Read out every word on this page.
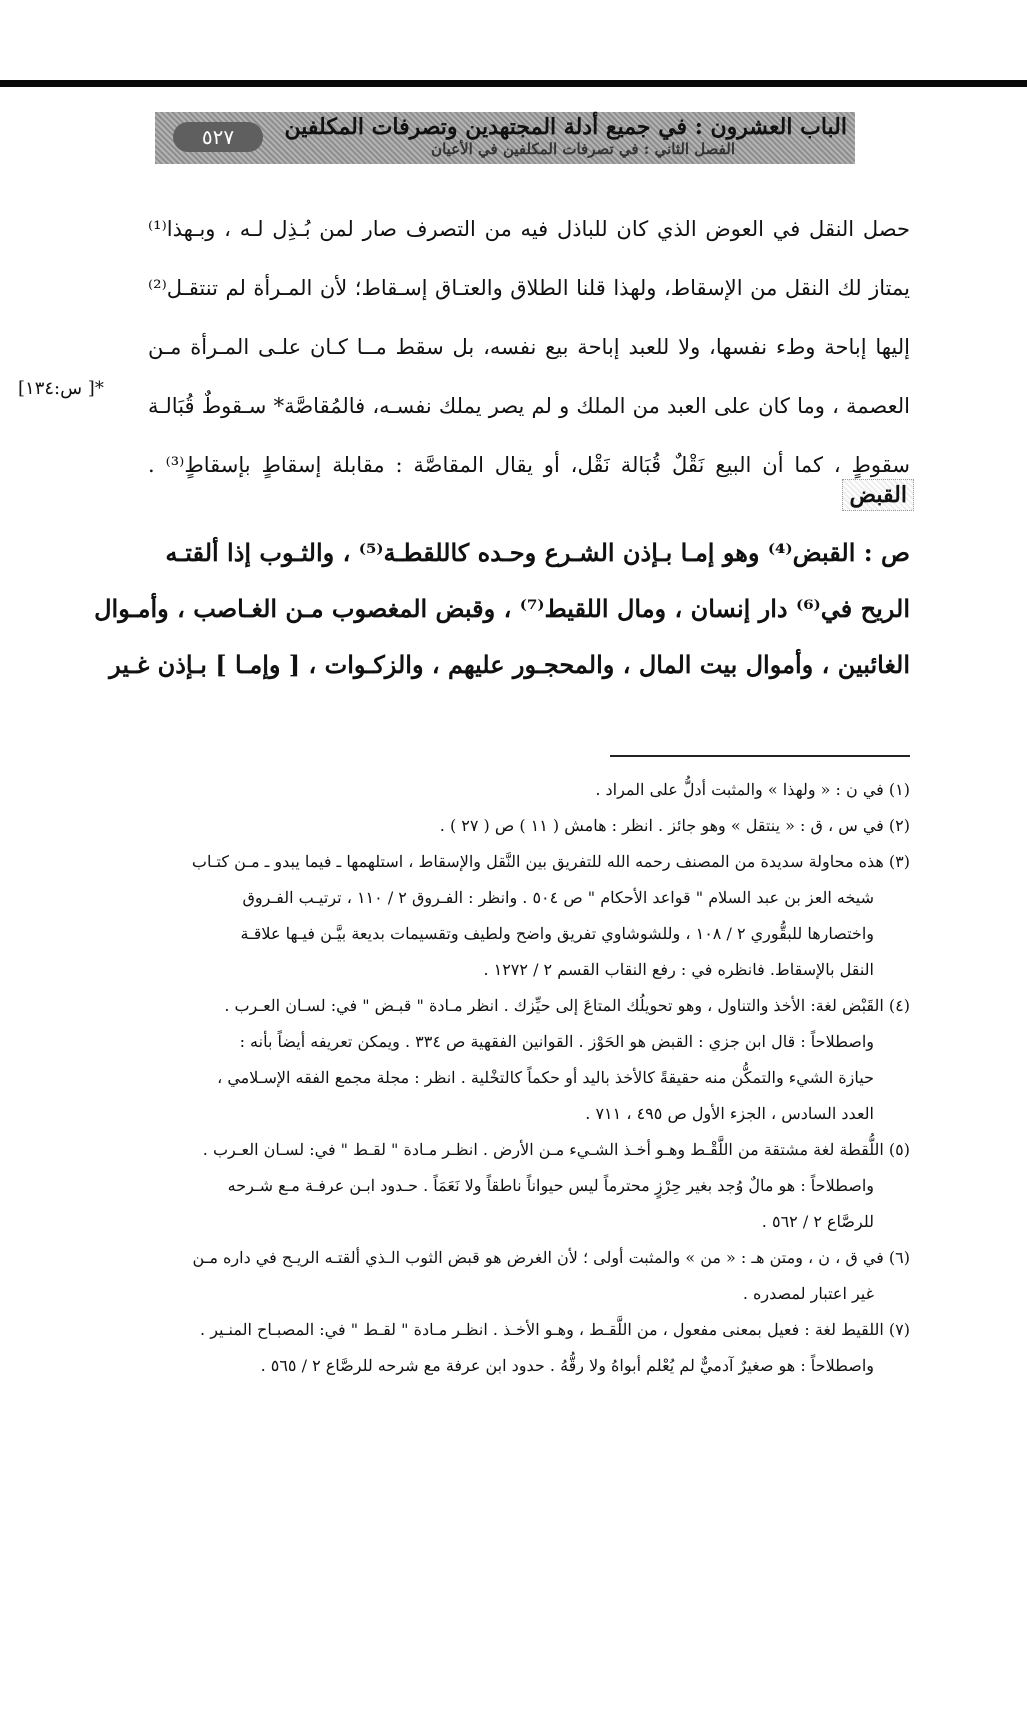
الباب العشرون : في جميع أدلة المجتهدين وتصرفات المكلفين
الفصل الثاني : في تصرفات المكلفين في الأعيان
٥٢٧

حصل النقل في العوض الذي كان للباذل فيه من التصرف صار لمن بُـذِل لـه ، وبـهذا⁽¹⁾

يمتاز لك النقل من الإسقاط، ولهذا قلنا الطلاق والعتـاق إسـقاط؛ لأن المـرأة لم تنتقـل⁽²⁾

إليها إباحة وطء نفسها، ولا للعبد إباحة بيع نفسه، بل سقط مــا كـان علـى المـرأة مـن

العصمة ، وما كان على العبد من الملك و لم يصر يملك نفسـه، فالمُقاصَّة* سـقوطٌ قُبَالـة

سقوطٍ ، كما أن البيع نَقْلٌ قُبَالة نَقْل، أو يقال المقاصَّة : مقابلة إسقاطٍ بإسقاطٍ⁽³⁾ .

*[ س:١٣٤]
القبض

ص : القبض⁽⁴⁾ وهو إمـا بـإذن الشـرع وحـده كاللقطـة⁽⁵⁾ ، والثـوب إذا ألقتـه

الريح في⁽⁶⁾ دار إنسان ، ومال اللقيط⁽⁷⁾ ، وقبض المغصوب مـن الغـاصب ، وأمـوال

الغائبين ، وأموال بيت المال ، والمحجـور عليهم ، والزكـوات ، [ وإمـا ] بـإذن غـير

(١) في ن : « ولهذا » والمثبت أدلُّ على المراد .
(٢) في س ، ق : « ينتقل » وهو جائز . انظر : هامش ( ١١ ) ص ( ٢٧ ) .
(٣) هذه محاولة سديدة من المصنف رحمه الله للتفريق بين النَّقل والإسقاط ، استلهمها ـ فيما يبدو ـ مـن كتـاب
شيخه العز بن عبد السلام " قواعد الأحكام " ص ٥٠٤ . وانظر : الفـروق ٢ / ١١٠ ، ترتيـب الفـروق
واختصارها للبقُّوري ٢ / ١٠٨ ، وللشوشاوي تفريق واضح ولطيف وتقسيمات بديعة بيَّـن فيـها علاقـة
النقل بالإسقاط. فانظره في : رفع النقاب القسم ٢ / ١٢٧٢ .
(٤) القَبْض لغة: الأخذ والتناول ، وهو تحويلُك المتاعَ إلى حيِّزك . انظر مـادة " قبـض " في: لسـان العـرب .
واصطلاحاً : قال ابن جزي : القبض هو الحَوْز . القوانين الفقهية ص ٣٣٤ . ويمكن تعريفه أيضاً بأنه :
حيازة الشيء والتمكُّن منه حقيقةً كالأخذ باليد أو حكماً كالتخْلية . انظر : مجلة مجمع الفقه الإسـلامي ،
العدد السادس ، الجزء الأول ص ٤٩٥ ، ٧١١ .
(٥) اللُّقطة لغة مشتقة من اللَّقْـط وهـو أخـذ الشـيء مـن الأرض . انظـر مـادة " لقـط " في: لسـان العـرب .
واصطلاحاً : هو مالٌ وُجد بغير حِرْزٍ محترماً ليس حيواناً ناطقاً ولا نَعَمَاً . حـدود ابـن عرفـة مـع شـرحه
للرصَّاع ٢ / ٥٦٢ .
(٦) في ق ، ن ، ومتن هـ : « من » والمثبت أولى ؛ لأن الغرض هو قبض الثوب الـذي ألقتـه الريـح في داره مـن
غير اعتبار لمصدره .
(٧) اللقيط لغة : فعيل بمعنى مفعول ، من اللَّقـط ، وهـو الأخـذ . انظـر مـادة " لقـط " في: المصبـاح المنـير .
واصطلاحاً : هو صغيرٌ آدميٌّ لم يُعْلم أبواهُ ولا رقُّهُ . حدود ابن عرفة مع شرحه للرصَّاع ٢ / ٥٦٥ .
